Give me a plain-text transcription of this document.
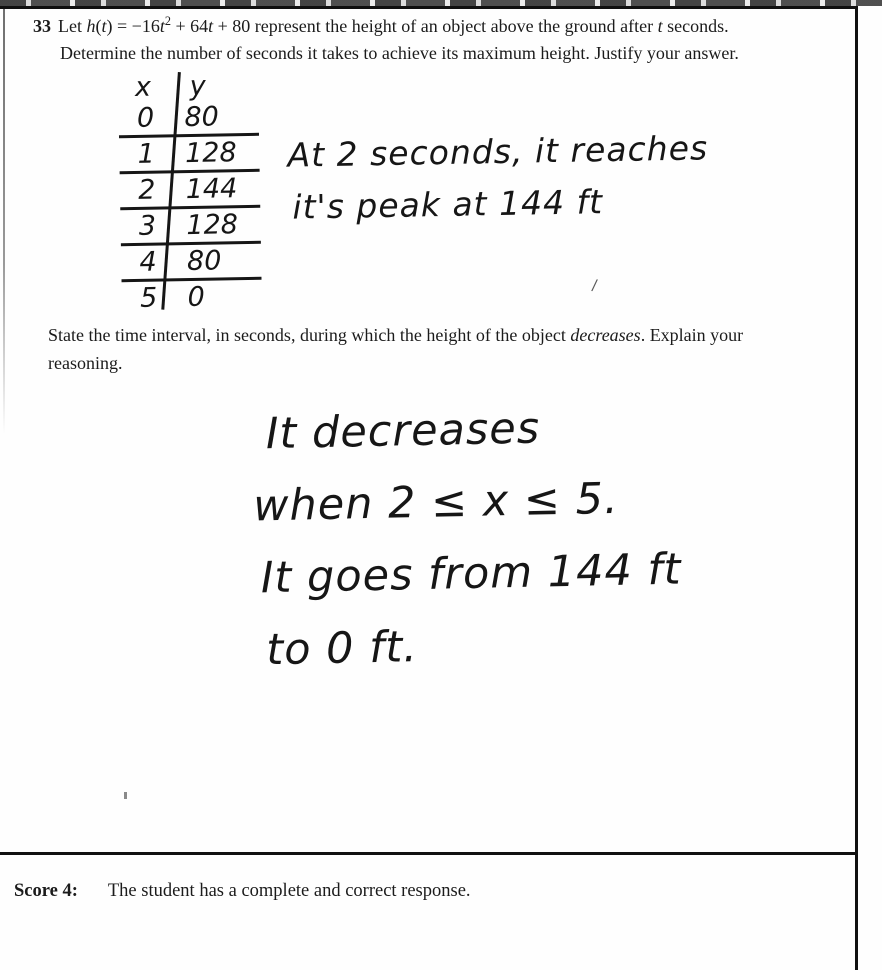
33 Let $h(t) = -16t^2 + 64t + 80$ represent the height of an object above the ground after t seconds.
Determine the number of seconds it takes to achieve its maximum height. Justify your answer.
x	y
0	80
1	128
2	144
3	128
4	80
5	0
At 2 seconds, it reaches
it's peak at 144 ft
/
State the time interval, in seconds, during which the height of the object decreases. Explain your
reasoning.
It decreases
when 2 ≤ x ≤ 5.
It goes from 144 ft
to 0 ft.
Score 4: The student has a complete and correct response.
